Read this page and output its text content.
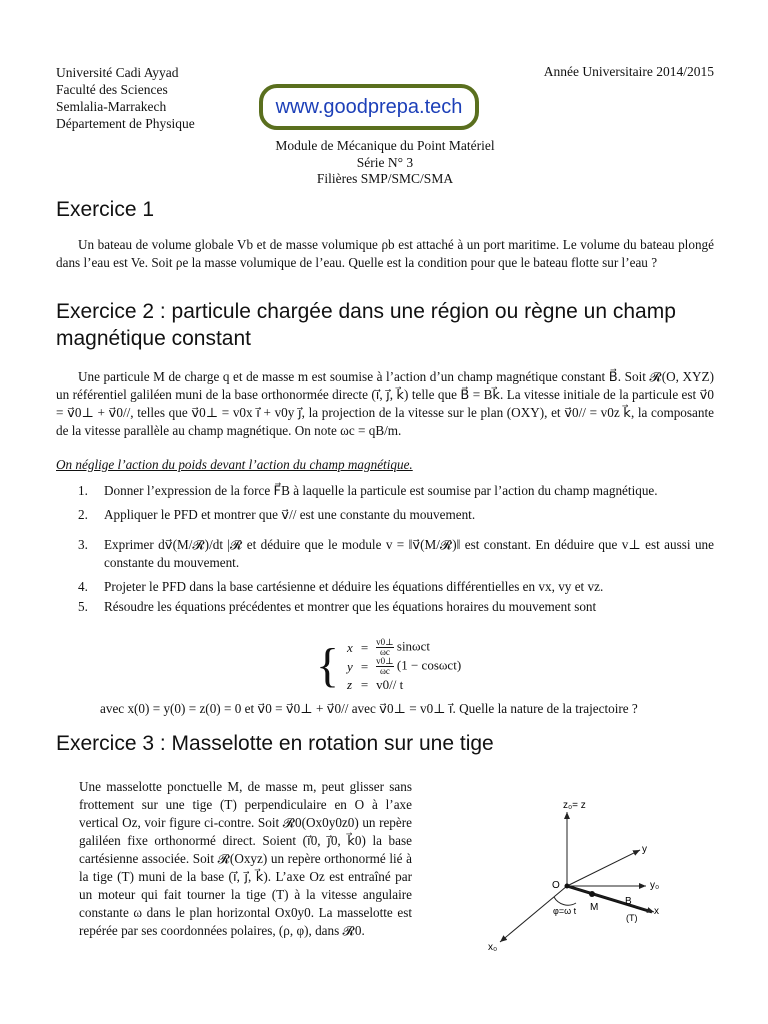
Université Cadi Ayyad
Faculté des Sciences
Semlalia-Marrakech
Département de Physique
Année Universitaire 2014/2015
www.goodprepa.tech
Module de Mécanique du Point Matériel
Série N° 3
Filières SMP/SMC/SMA
Exercice 1
Un bateau de volume globale Vb et de masse volumique ρb est attaché à un port maritime. Le volume du bateau plongé dans l’eau est Ve. Soit ρe la masse volumique de l’eau. Quelle est la condition pour que le bateau flotte sur l’eau ?
Exercice 2 : particule chargée dans une région ou règne un champ magnétique constant
Une particule M de charge q et de masse m est soumise à l’action d’un champ magnétique constant B⃗. Soit 𝓡(O, XYZ) un référentiel galiléen muni de la base orthonormée directe (i⃗, j⃗, k⃗) telle que B⃗ = Bk⃗. La vitesse initiale de la particule est v⃗0 = v⃗0⊥ + v⃗0//, telles que v⃗0⊥ = v0x i⃗ + v0y j⃗, la projection de la vitesse sur le plan (OXY), et v⃗0// = v0z k⃗, la composante de la vitesse parallèle au champ magnétique. On note ωc = qB/m.
On néglige l’action du poids devant l’action du champ magnétique.
1.	Donner l’expression de la force F⃗B à laquelle la particule est soumise par l’action du champ magnétique.
2.	Appliquer le PFD et montrer que v⃗// est une constante du mouvement.
3.	Exprimer dv⃗(M/𝓡)/dt |𝓡 et déduire que le module v = ‖v⃗(M/𝓡)‖ est constant. En déduire que v⊥ est aussi une constante du mouvement.
4.	Projeter le PFD dans la base cartésienne et déduire les équations différentielles en vx, vy et vz.
5.	Résoudre les équations précédentes et montrer que les équations horaires du mouvement sont
{	x	=	$\frac{v0\perp}{\omega c}$ sinωct
	y	=	$\frac{v0\perp}{\omega c} (1 - \cos\omega ct)$
	z	=	v0// t
avec x(0) = y(0) = z(0) = 0 et v⃗0 = v⃗0⊥ + v⃗0// avec v⃗0⊥ = v0⊥ i⃗. Quelle la nature de la trajectoire ?
Exercice 3 : Masselotte en rotation sur une tige
Une masselotte ponctuelle M, de masse m, peut glisser sans frottement sur une tige (T) perpendiculaire en O à l’axe vertical Oz, voir figure ci-contre. Soit 𝓡0(Ox0y0z0) un repère galiléen fixe orthonormé direct. Soient (i⃗0, j⃗0, k⃗0) la base cartésienne associée. Soit 𝓡(Oxyz) un repère orthonormé lié à la tige (T) muni de la base (i⃗, j⃗, k⃗). L’axe Oz est entraîné par un moteur qui fait tourner la tige (T) à la vitesse angulaire constante ω dans le plan horizontal Ox0y0. La masselotte est repérée par ses coordonnées polaires, (ρ, φ), dans 𝓡0.
z₀= z
y
y₀
O
B
M	x
(T)
φ=ω t
x₀
